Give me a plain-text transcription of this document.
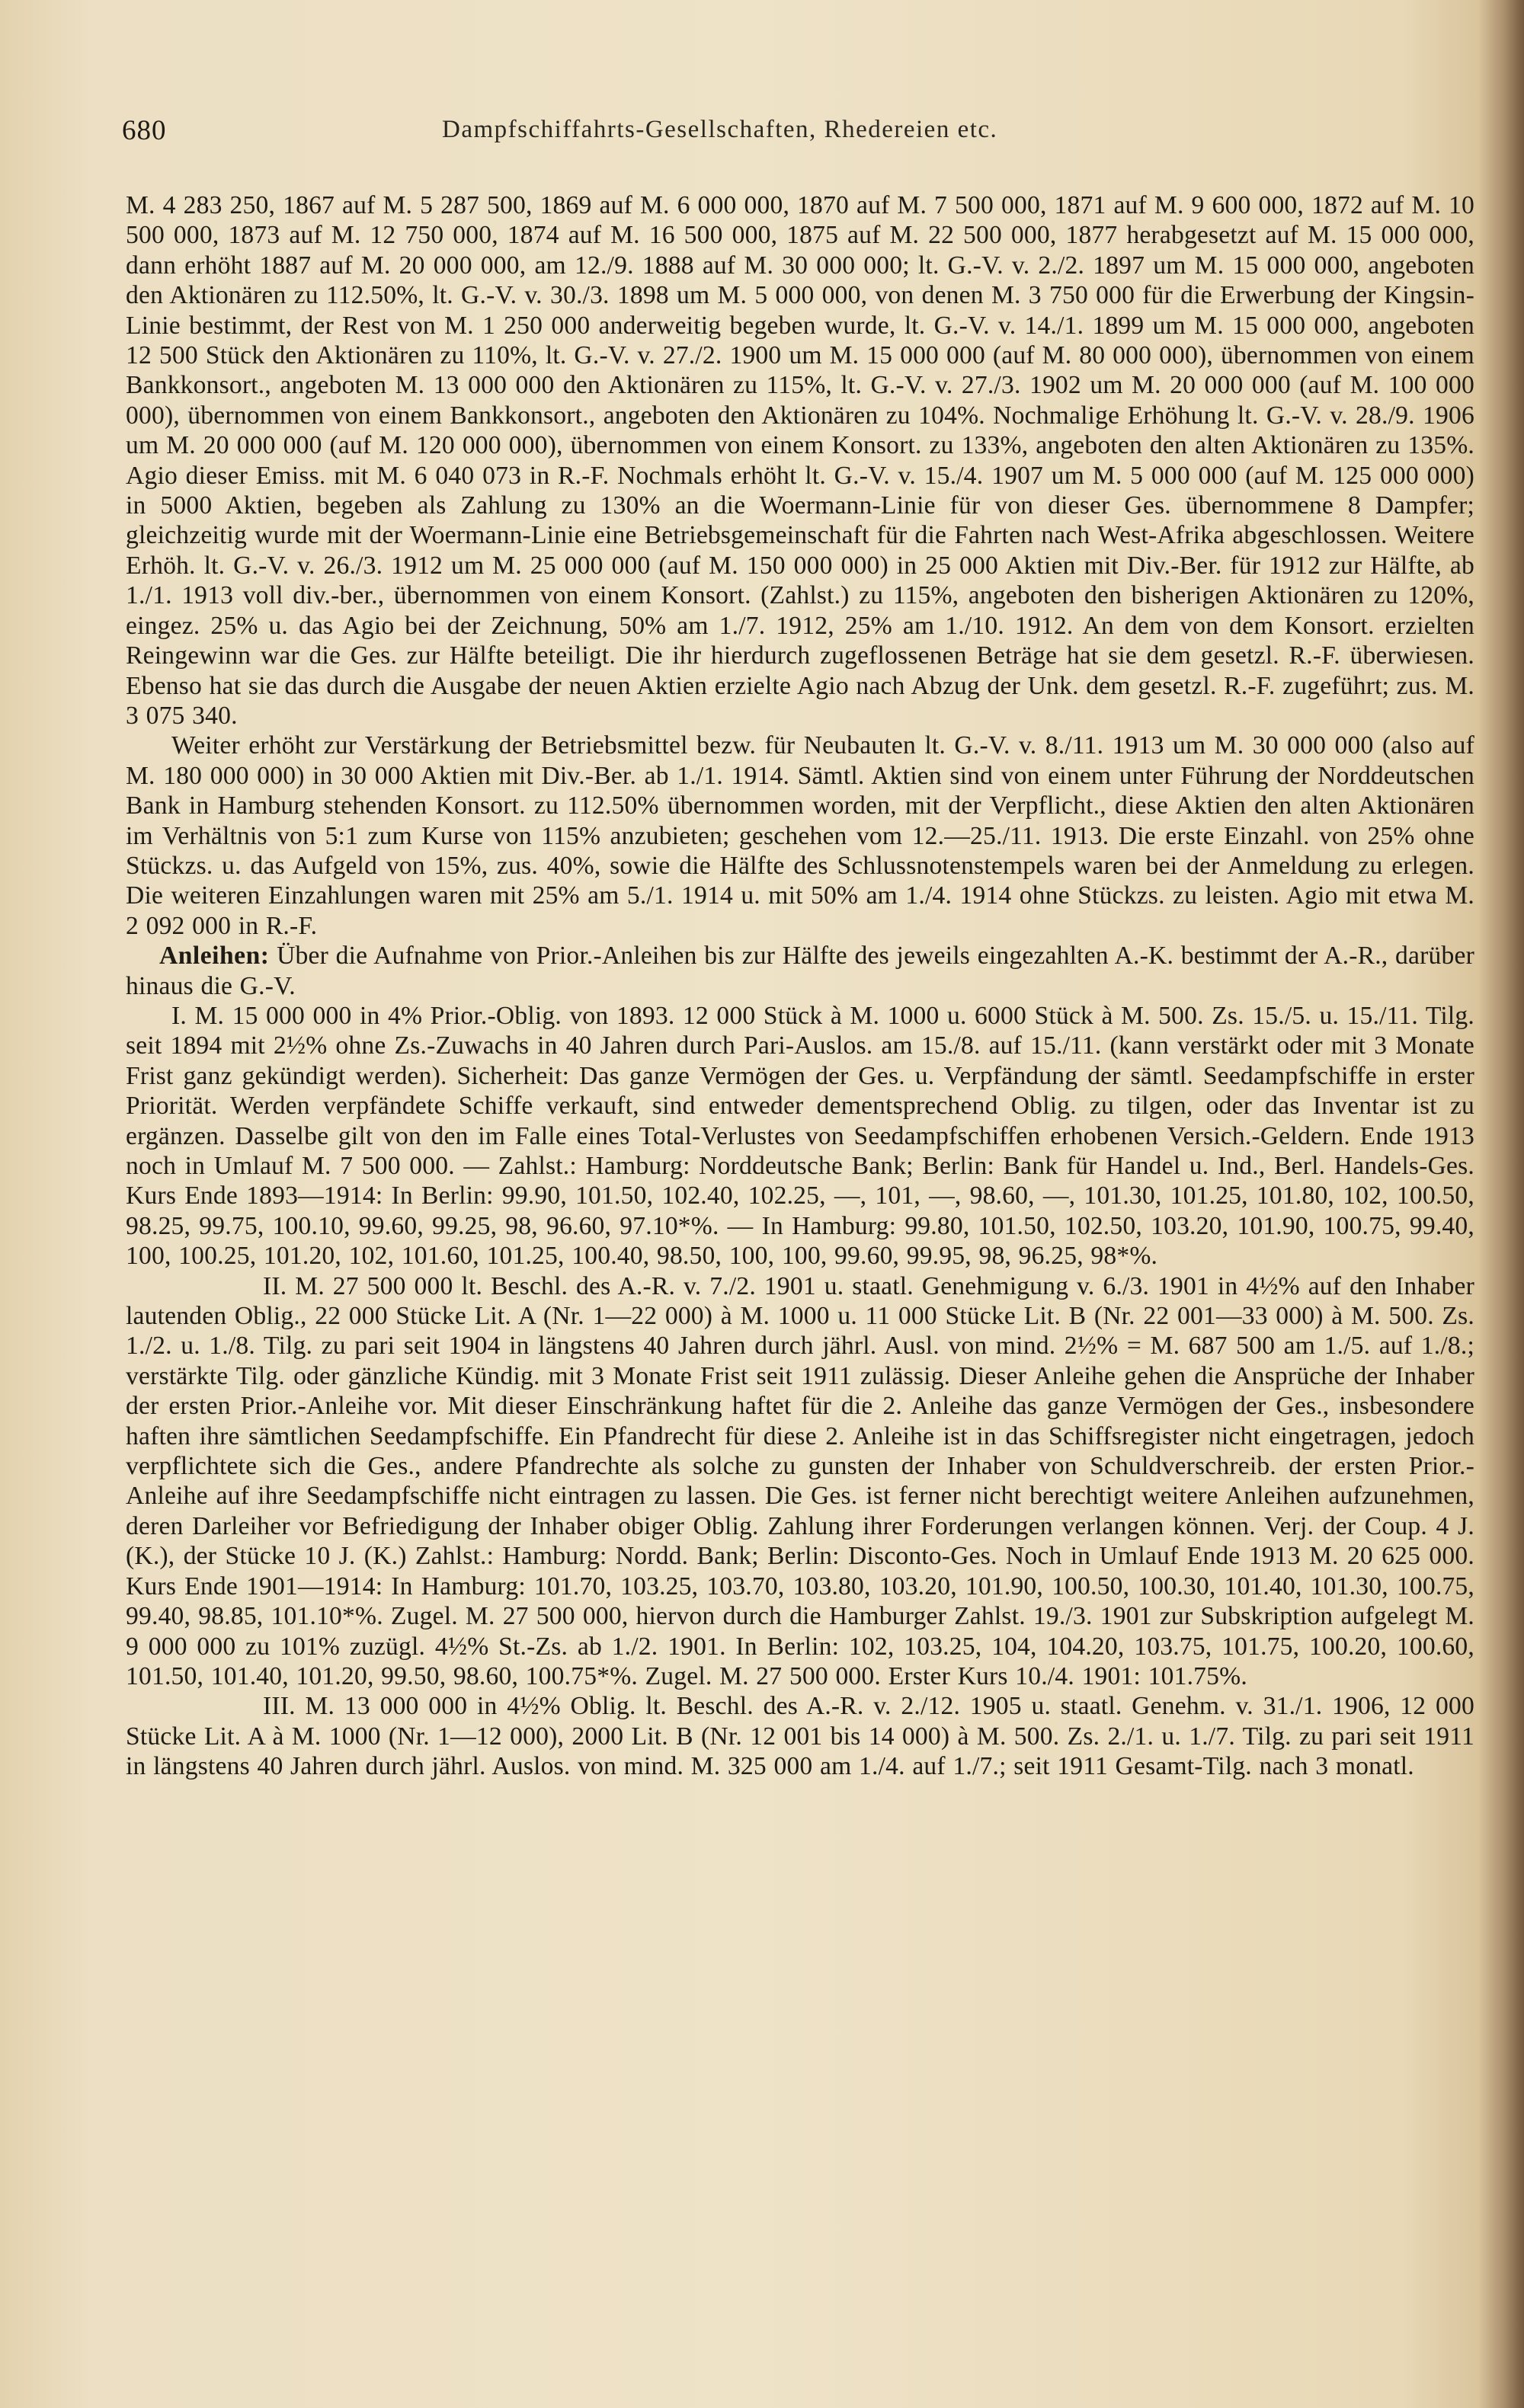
680	Dampfschiffahrts-Gesellschaften, Rhedereien etc.

M. 4 283 250, 1867 auf M. 5 287 500, 1869 auf M. 6 000 000, 1870 auf M. 7 500 000, 1871 auf M. 9 600 000, 1872 auf M. 10 500 000, 1873 auf M. 12 750 000, 1874 auf M. 16 500 000, 1875 auf M. 22 500 000, 1877 herabgesetzt auf M. 15 000 000, dann erhöht 1887 auf M. 20 000 000, am 12./9. 1888 auf M. 30 000 000; lt. G.-V. v. 2./2. 1897 um M. 15 000 000, angeboten den Aktionären zu 112.50%, lt. G.-V. v. 30./3. 1898 um M. 5 000 000, von denen M. 3 750 000 für die Erwerbung der Kingsin-Linie bestimmt, der Rest von M. 1 250 000 anderweitig begeben wurde, lt. G.-V. v. 14./1. 1899 um M. 15 000 000, angeboten 12 500 Stück den Aktionären zu 110%, lt. G.-V. v. 27./2. 1900 um M. 15 000 000 (auf M. 80 000 000), übernommen von einem Bankkonsort., angeboten M. 13 000 000 den Aktionären zu 115%, lt. G.-V. v. 27./3. 1902 um M. 20 000 000 (auf M. 100 000 000), übernommen von einem Bankkonsort., angeboten den Aktionären zu 104%. Nochmalige Erhöhung lt. G.-V. v. 28./9. 1906 um M. 20 000 000 (auf M. 120 000 000), übernommen von einem Konsort. zu 133%, angeboten den alten Aktionären zu 135%. Agio dieser Emiss. mit M. 6 040 073 in R.-F. Nochmals erhöht lt. G.-V. v. 15./4. 1907 um M. 5 000 000 (auf M. 125 000 000) in 5000 Aktien, begeben als Zahlung zu 130% an die Woermann-Linie für von dieser Ges. übernommene 8 Dampfer; gleichzeitig wurde mit der Woermann-Linie eine Betriebsgemeinschaft für die Fahrten nach West-Afrika abgeschlossen. Weitere Erhöh. lt. G.-V. v. 26./3. 1912 um M. 25 000 000 (auf M. 150 000 000) in 25 000 Aktien mit Div.-Ber. für 1912 zur Hälfte, ab 1./1. 1913 voll div.-ber., übernommen von einem Konsort. (Zahlst.) zu 115%, angeboten den bisherigen Aktionären zu 120%, eingez. 25% u. das Agio bei der Zeichnung, 50% am 1./7. 1912, 25% am 1./10. 1912. An dem von dem Konsort. erzielten Reingewinn war die Ges. zur Hälfte beteiligt. Die ihr hierdurch zugeflossenen Beträge hat sie dem gesetzl. R.-F. überwiesen. Ebenso hat sie das durch die Ausgabe der neuen Aktien erzielte Agio nach Abzug der Unk. dem gesetzl. R.-F. zugeführt; zus. M. 3 075 340.

Weiter erhöht zur Verstärkung der Betriebsmittel bezw. für Neubauten lt. G.-V. v. 8./11. 1913 um M. 30 000 000 (also auf M. 180 000 000) in 30 000 Aktien mit Div.-Ber. ab 1./1. 1914. Sämtl. Aktien sind von einem unter Führung der Norddeutschen Bank in Hamburg stehenden Konsort. zu 112.50% übernommen worden, mit der Verpflicht., diese Aktien den alten Aktionären im Verhältnis von 5:1 zum Kurse von 115% anzubieten; geschehen vom 12.—25./11. 1913. Die erste Einzahl. von 25% ohne Stückzs. u. das Aufgeld von 15%, zus. 40%, sowie die Hälfte des Schlussnotenstempels waren bei der Anmeldung zu erlegen. Die weiteren Einzahlungen waren mit 25% am 5./1. 1914 u. mit 50% am 1./4. 1914 ohne Stückzs. zu leisten. Agio mit etwa M. 2 092 000 in R.-F.

Anleihen: Über die Aufnahme von Prior.-Anleihen bis zur Hälfte des jeweils eingezahlten A.-K. bestimmt der A.-R., darüber hinaus die G.-V.

I. M. 15 000 000 in 4% Prior.-Oblig. von 1893. 12 000 Stück à M. 1000 u. 6000 Stück à M. 500. Zs. 15./5. u. 15./11. Tilg. seit 1894 mit 2½% ohne Zs.-Zuwachs in 40 Jahren durch Pari-Auslos. am 15./8. auf 15./11. (kann verstärkt oder mit 3 Monate Frist ganz gekündigt werden). Sicherheit: Das ganze Vermögen der Ges. u. Verpfändung der sämtl. Seedampfschiffe in erster Priorität. Werden verpfändete Schiffe verkauft, sind entweder dementsprechend Oblig. zu tilgen, oder das Inventar ist zu ergänzen. Dasselbe gilt von den im Falle eines Total-Verlustes von Seedampfschiffen erhobenen Versich.-Geldern. Ende 1913 noch in Umlauf M. 7 500 000. — Zahlst.: Hamburg: Norddeutsche Bank; Berlin: Bank für Handel u. Ind., Berl. Handels-Ges. Kurs Ende 1893—1914: In Berlin: 99.90, 101.50, 102.40, 102.25, —, 101, —, 98.60, —, 101.30, 101.25, 101.80, 102, 100.50, 98.25, 99.75, 100.10, 99.60, 99.25, 98, 96.60, 97.10*%. — In Hamburg: 99.80, 101.50, 102.50, 103.20, 101.90, 100.75, 99.40, 100, 100.25, 101.20, 102, 101.60, 101.25, 100.40, 98.50, 100, 100, 99.60, 99.95, 98, 96.25, 98*%.

II. M. 27 500 000 lt. Beschl. des A.-R. v. 7./2. 1901 u. staatl. Genehmigung v. 6./3. 1901 in 4½% auf den Inhaber lautenden Oblig., 22 000 Stücke Lit. A (Nr. 1—22 000) à M. 1000 u. 11 000 Stücke Lit. B (Nr. 22 001—33 000) à M. 500. Zs. 1./2. u. 1./8. Tilg. zu pari seit 1904 in längstens 40 Jahren durch jährl. Ausl. von mind. 2½% = M. 687 500 am 1./5. auf 1./8.; verstärkte Tilg. oder gänzliche Kündig. mit 3 Monate Frist seit 1911 zulässig. Dieser Anleihe gehen die Ansprüche der Inhaber der ersten Prior.-Anleihe vor. Mit dieser Einschränkung haftet für die 2. Anleihe das ganze Vermögen der Ges., insbesondere haften ihre sämtlichen Seedampfschiffe. Ein Pfandrecht für diese 2. Anleihe ist in das Schiffsregister nicht eingetragen, jedoch verpflichtete sich die Ges., andere Pfandrechte als solche zu gunsten der Inhaber von Schuldverschreib. der ersten Prior.-Anleihe auf ihre Seedampfschiffe nicht eintragen zu lassen. Die Ges. ist ferner nicht berechtigt weitere Anleihen aufzunehmen, deren Darleiher vor Befriedigung der Inhaber obiger Oblig. Zahlung ihrer Forderungen verlangen können. Verj. der Coup. 4 J. (K.), der Stücke 10 J. (K.) Zahlst.: Hamburg: Nordd. Bank; Berlin: Disconto-Ges. Noch in Umlauf Ende 1913 M. 20 625 000. Kurs Ende 1901—1914: In Hamburg: 101.70, 103.25, 103.70, 103.80, 103.20, 101.90, 100.50, 100.30, 101.40, 101.30, 100.75, 99.40, 98.85, 101.10*%. Zugel. M. 27 500 000, hiervon durch die Hamburger Zahlst. 19./3. 1901 zur Subskription aufgelegt M. 9 000 000 zu 101% zuzügl. 4½% St.-Zs. ab 1./2. 1901. In Berlin: 102, 103.25, 104, 104.20, 103.75, 101.75, 100.20, 100.60, 101.50, 101.40, 101.20, 99.50, 98.60, 100.75*%. Zugel. M. 27 500 000. Erster Kurs 10./4. 1901: 101.75%.

III. M. 13 000 000 in 4½% Oblig. lt. Beschl. des A.-R. v. 2./12. 1905 u. staatl. Genehm. v. 31./1. 1906, 12 000 Stücke Lit. A à M. 1000 (Nr. 1—12 000), 2000 Lit. B (Nr. 12 001 bis 14 000) à M. 500. Zs. 2./1. u. 1./7. Tilg. zu pari seit 1911 in längstens 40 Jahren durch jährl. Auslos. von mind. M. 325 000 am 1./4. auf 1./7.; seit 1911 Gesamt-Tilg. nach 3 monatl.
